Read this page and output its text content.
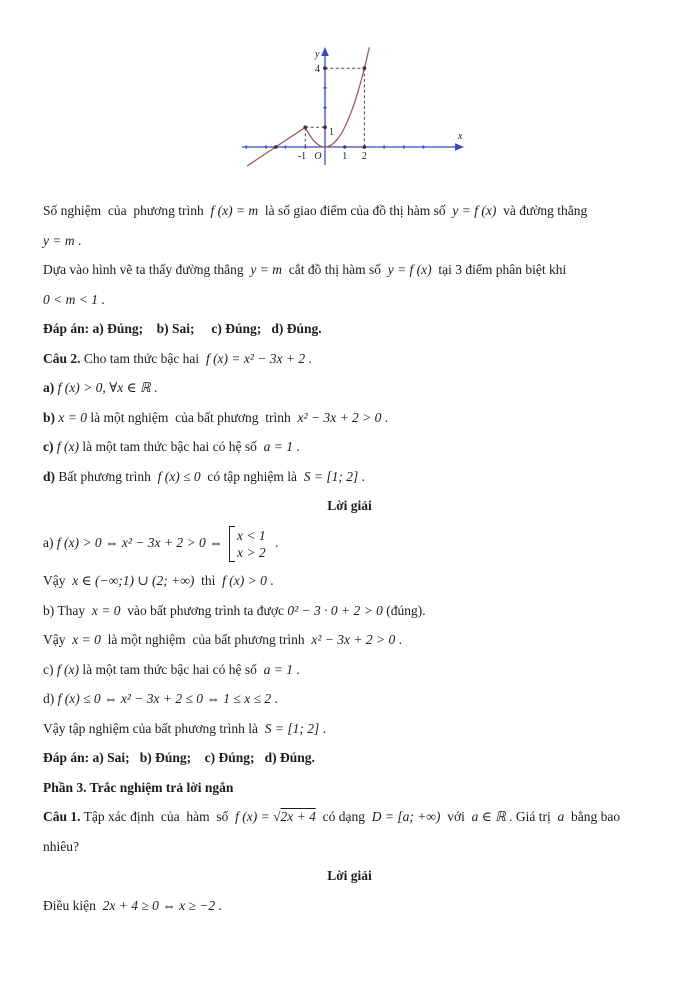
y
x
4
1
-1 O 1 2
Số nghiệm  của  phương trình  f (x) = m  là số giao điểm của đồ thị hàm số  y = f (x)  và đường thẳng
y = m .
Dựa vào hình vẽ ta thấy đường thẳng  y = m  cắt đồ thị hàm số  y = f (x)  tại 3 điểm phân biệt khi
0 < m < 1 .
Đáp án: a) Đúng;    b) Sai;     c) Đúng;   d) Đúng.
Câu 2. Cho tam thức bậc hai  f (x) = x² − 3x + 2 .
a) f (x) > 0, ∀x ∈ ℝ .
b) x = 0 là một nghiệm  của bất phương  trình  x² − 3x + 2 > 0 .
c) f (x) là một tam thức bậc hai có hệ số  a = 1 .
d) Bất phương trình  f (x) ≤ 0  có tập nghiệm là  S = [1; 2] .
Lời giải
a) f (x) > 0 ⇔ x² − 3x + 2 > 0 ⇔ x < 1
x > 2
.
Vậy  x ∈ (−∞;1) ∪ (2; +∞)  thì  f (x) > 0 .
b) Thay  x = 0  vào bất phương trình ta được 0² − 3 · 0 + 2 > 0 (đúng).
Vậy  x = 0  là một nghiệm  của bất phương trình  x² − 3x + 2 > 0 .
c) f (x) là một tam thức bậc hai có hệ số  a = 1 .
d) f (x) ≤ 0 ⇔ x² − 3x + 2 ≤ 0 ⇔ 1 ≤ x ≤ 2 .
Vậy tập nghiệm của bất phương trình là  S = [1; 2] .
Đáp án: a) Sai;   b) Đúng;    c) Đúng;   d) Đúng.
Phần 3. Trắc nghiệm trả lời ngắn
Câu 1. Tập xác định  của  hàm  số  f (x) = √2x + 4  có dạng  D = [a; +∞)  với  a ∈ ℝ . Giá trị  a  bằng bao
nhiêu?
Lời giải
Điều kiện  2x + 4 ≥ 0 ⇔ x ≥ −2 .
